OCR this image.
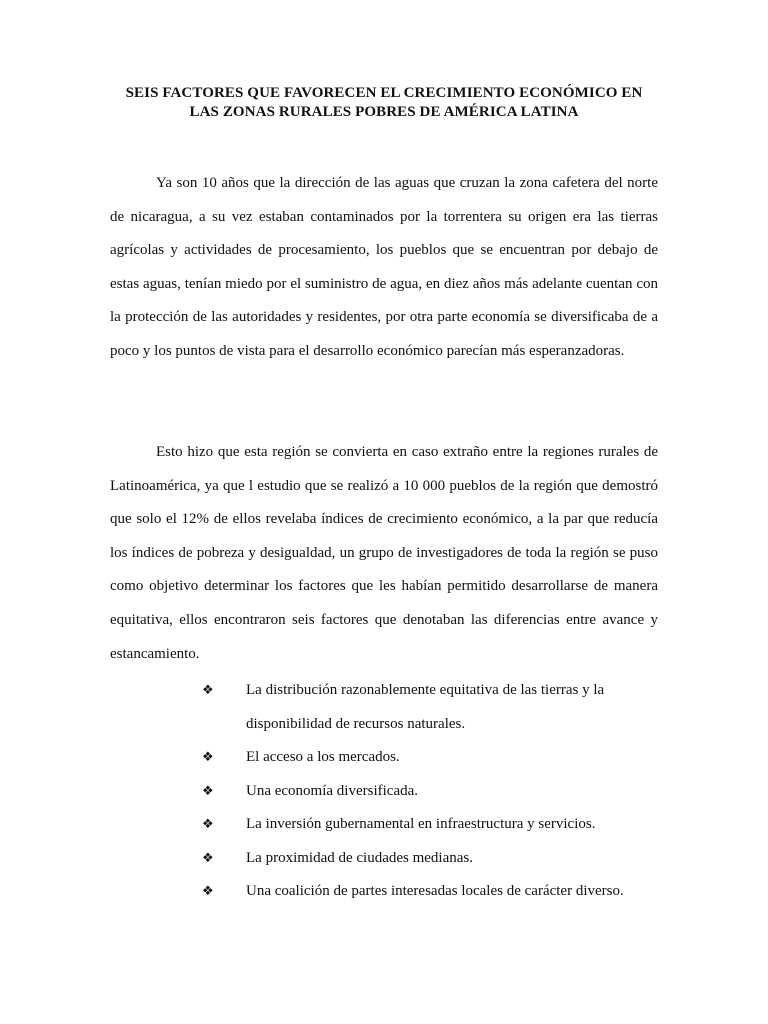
SEIS FACTORES QUE FAVORECEN EL CRECIMIENTO ECONÓMICO EN
LAS ZONAS RURALES POBRES DE AMÉRICA LATINA

Ya son 10 años que la dirección de las aguas que cruzan la zona cafetera del norte de nicaragua, a su vez estaban contaminados por la torrentera su origen era las tierras agrícolas y actividades de procesamiento, los pueblos que se encuentran por debajo de estas aguas, tenían miedo por el suministro de agua, en diez años más adelante cuentan con la protección de las autoridades y residentes, por otra parte economía se diversificaba de a poco y los puntos de vista para el desarrollo económico parecían más esperanzadoras.

Esto hizo que esta región se convierta en caso extraño entre la regiones rurales de Latinoamérica, ya que l estudio que se realizó a 10 000 pueblos de la región que demostró que solo el 12% de ellos revelaba índices de crecimiento económico, a la par que reducía los índices de pobreza y desigualdad, un grupo de investigadores de toda la región se puso como objetivo determinar los factores que les habían permitido desarrollarse de manera equitativa, ellos encontraron seis factores que denotaban las diferencias entre avance y estancamiento.

❖ La distribución razonablemente equitativa de las tierras y la disponibilidad de recursos naturales.
❖ El acceso a los mercados.
❖ Una economía diversificada.
❖ La inversión gubernamental en infraestructura y servicios.
❖ La proximidad de ciudades medianas.
❖ Una coalición de partes interesadas locales de carácter diverso.
